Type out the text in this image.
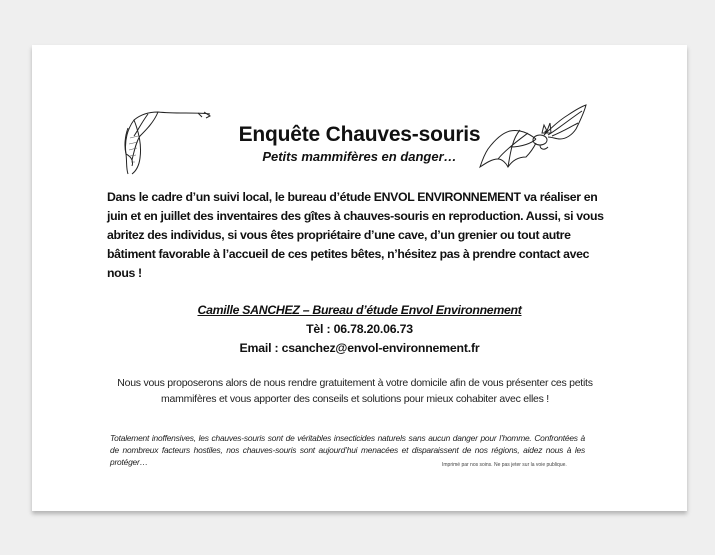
Enquête Chauves-souris
Petits mammifères en danger…

Dans le cadre d’un suivi local, le bureau d’étude ENVOL ENVIRONNEMENT va réaliser en juin et en juillet des inventaires des gîtes à chauves-souris en reproduction. Aussi, si vous abritez des individus, si vous êtes propriétaire d’une cave, d’un grenier ou tout autre bâtiment favorable à l’accueil de ces petites bêtes, n’hésitez pas à prendre contact avec nous !

Camille SANCHEZ – Bureau d’étude Envol Environnement
Tèl : 06.78.20.06.73
Email : csanchez@envol-environnement.fr

Nous vous proposerons alors de nous rendre gratuitement à votre domicile afin de vous présenter ces petits mammifères et vous apporter des conseils et solutions pour mieux cohabiter avec elles !

Totalement inoffensives, les chauves-souris sont de véritables insecticides naturels sans aucun danger pour l’homme. Confrontées à de nombreux facteurs hostiles, nos chauves-souris sont aujourd’hui menacées et disparaissent de nos régions, aidez nous à les protéger…	Imprimé par nos soins. Ne pas jeter sur la voie publique.
